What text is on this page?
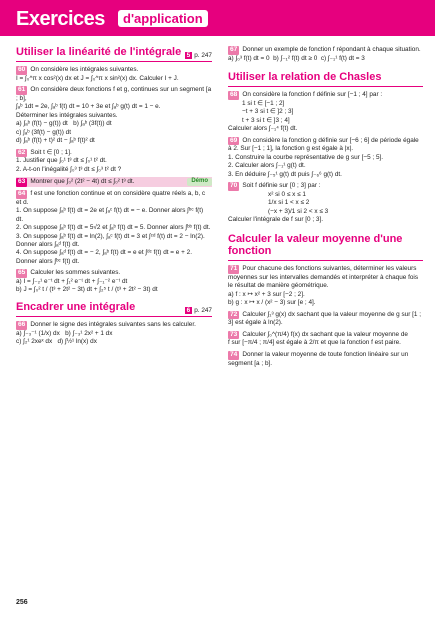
Exercices	d'application
Utiliser la linéarité de l'intégrale 5 p. 247
60 On considère les intégrales suivantes.
I = ∫₀^π x cos²(x) dx et J = ∫₀^π x sin²(x) dx. Calculer I + J.
61 On considère deux fonctions f et g, continues sur un segment [a ; b],
∫ₐᵇ 1dt = 2e, ∫ₐᵇ f(t) dt = 10 + 3e et ∫ₐᵇ g(t) dt = 1 − e.
Déterminer les intégrales suivantes.
a) ∫ₐᵇ (f(t) − g(t)) dt b) ∫ₐᵇ (3f(t)) dt
c) ∫ₐᵇ (3f(t) − g(t)) dt
d) ∫ₐᵇ (f(t) + t)² dt − ∫ₐᵇ f(t)² dt
62 Soit t ∈ [0 ; 1].
1. Justifier que ∫₀¹ t³ dt ≤ ∫₀¹ t² dt.
2. A-t-on l'inégalité ∫₀³ t³ dt ≤ ∫₀³ t² dt ?
63 Montrer que ∫₀² (2t² − 4t) dt ≤ ∫₀² t³ dt.	Démo
64 f est une fonction continue et on considère quatre réels a, b, c et d.
1. On suppose ∫ₐᵇ f(t) dt = 2e et ∫ₐᶜ f(t) dt = − e. Donner alors ∫ᵇᶜ f(t) dt.
2. On suppose ∫ₐᵇ f(t) dt = 5√2 et ∫ₐᵇ f(t) dt = 5. Donner alors ∫ᵇᵇ f(t) dt.
3. On suppose ∫ₐᵇ f(t) dt = ln(2), ∫ₐᶜ f(t) dt = 3 et ∫ᶜᵈ f(t) dt = 2 − ln(2). Donner alors ∫ₐᵈ f(t) dt.
4. On suppose ∫ₐᵈ f(t) dt = − 2, ∫ₐᵇ f(t) dt = e et ∫ᵈᶜ f(t) dt = e + 2. Donner alors ∫ᵇᶜ f(t) dt.
65 Calculer les sommes suivantes.
a) I = ∫₋₂¹ e⁻ᵗ dt + ∫₁² e⁻ᵗ dt + ∫₋₁⁻² e⁻ᵗ dt
b) J = ∫₀² t / (t³ + 2t² − 3t) dt + ∫₂⁵ t / (t³ + 2t² − 3t) dt
Encadrer une intégrale	6 p. 247
66 Donner le signe des intégrales suivantes sans les calculer.
a) ∫₋₃⁻¹ (1/x) dx b) ∫₋₃¹ 2x² + 1 dx
c) ∫₂¹ 2xeˣ dx d) ∫½¹ ln(x) dx
67 Donner un exemple de fonction f répondant à chaque situation.
a) ∫₀³ f(t) dt = 0 b) ∫₋₁² f(t) dt ≥ 0 c) ∫₋₁¹ f(t) dt = 3
Utiliser la relation de Chasles
68 On considère la fonction f définie sur [−1 ; 4] par :
1 si t ∈ [−1 ; 2]
−t + 3 si t ∈ ]2 ; 3]
t + 3 si t ∈ ]3 ; 4]
Calculer alors ∫₋₁⁴ f(t) dt.
69 On considère la fonction g définie sur [−6 ; 6] de période égale à 2. Sur [−1 ; 1], la fonction g est égale à |x|.
1. Construire la courbe représentative de g sur [−5 ; 5].
2. Calculer alors ∫₋₁¹ g(t) dt.
3. En déduire ∫₋₅¹ g(t) dt puis ∫₋₆⁶ g(t) dt.
70 Soit f définie sur [0 ; 3] par :
x² si 0 ≤ x ≤ 1
1/x si 1 < x ≤ 2
(−x + 3)/1 si 2 < x ≤ 3
Calculer l'intégrale de f sur [0 ; 3].
Calculer la valeur moyenne d'une fonction
71 Pour chacune des fonctions suivantes, déterminer les valeurs moyennes sur les intervalles demandés et interpréter à chaque fois le résultat de manière géométrique.
a) f : x ↦ x² + 3 sur [−2 ; 2].
b) g : x ↦ x / (x² − 3) sur [e ; 4].
72 Calculer ∫₁³ g(x) dx sachant que la valeur moyenne de g sur [1 ; 3] est égale à ln(2).
73 Calculer ∫₀^(π/4) f(x) dx sachant que la valeur moyenne de
f sur [−π/4 ; π/4] est égale à 2/π et que la fonction f est paire.
74 Donner la valeur moyenne de toute fonction linéaire sur un segment [a ; b].
256
